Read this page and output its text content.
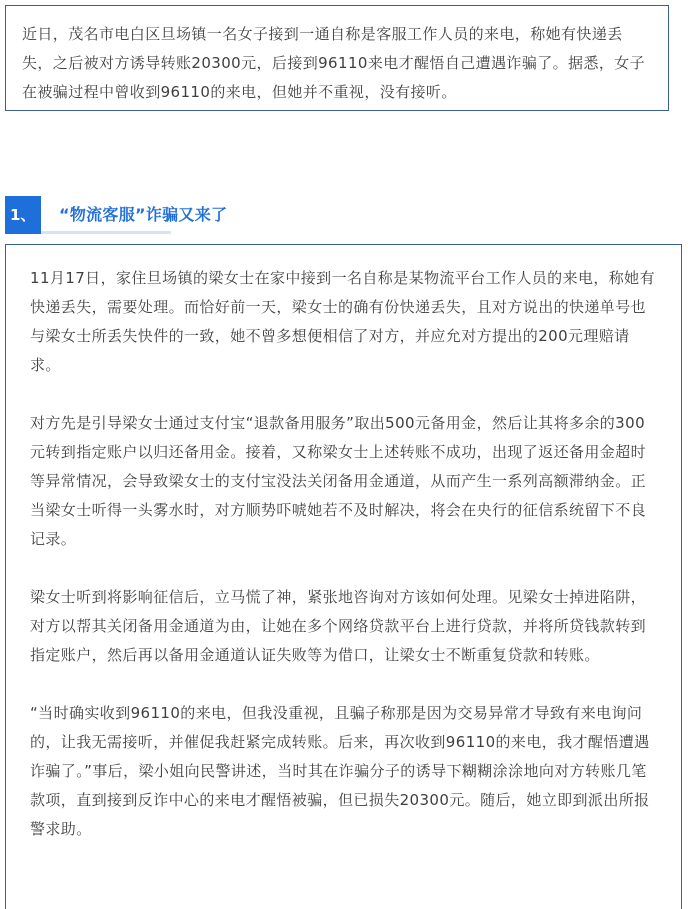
近日，茂名市电白区旦场镇一名女子接到一通自称是客服工作人员的来电，称她有快递丢失，之后被对方诱导转账20300元，后接到96110来电才醒悟自己遭遇诈骗了。据悉，女子在被骗过程中曾收到96110的来电，但她并不重视，没有接听。
1、	“物流客服”诈骗又来了

11月17日，家住旦场镇的梁女士在家中接到一名自称是某物流平台工作人员的来电，称她有快递丢失，需要处理。而恰好前一天，梁女士的确有份快递丢失，且对方说出的快递单号也与梁女士所丢失快件的一致，她不曾多想便相信了对方，并应允对方提出的200元理赔请求。

对方先是引导梁女士通过支付宝“退款备用服务”取出500元备用金，然后让其将多余的300元转到指定账户以归还备用金。接着，又称梁女士上述转账不成功，出现了返还备用金超时等异常情况，会导致梁女士的支付宝没法关闭备用金通道，从而产生一系列高额滞纳金。正当梁女士听得一头雾水时，对方顺势吓唬她若不及时解决，将会在央行的征信系统留下不良记录。

梁女士听到将影响征信后，立马慌了神，紧张地咨询对方该如何处理。见梁女士掉进陷阱，对方以帮其关闭备用金通道为由，让她在多个网络贷款平台上进行贷款，并将所贷钱款转到指定账户，然后再以备用金通道认证失败等为借口，让梁女士不断重复贷款和转账。

“当时确实收到96110的来电，但我没重视，且骗子称那是因为交易异常才导致有来电询问的，让我无需接听，并催促我赶紧完成转账。后来，再次收到96110的来电，我才醒悟遭遇诈骗了。”事后，梁小姐向民警讲述，当时其在诈骗分子的诱导下糊糊涂涂地向对方转账几笔款项，直到接到反诈中心的来电才醒悟被骗，但已损失20300元。随后，她立即到派出所报警求助。
